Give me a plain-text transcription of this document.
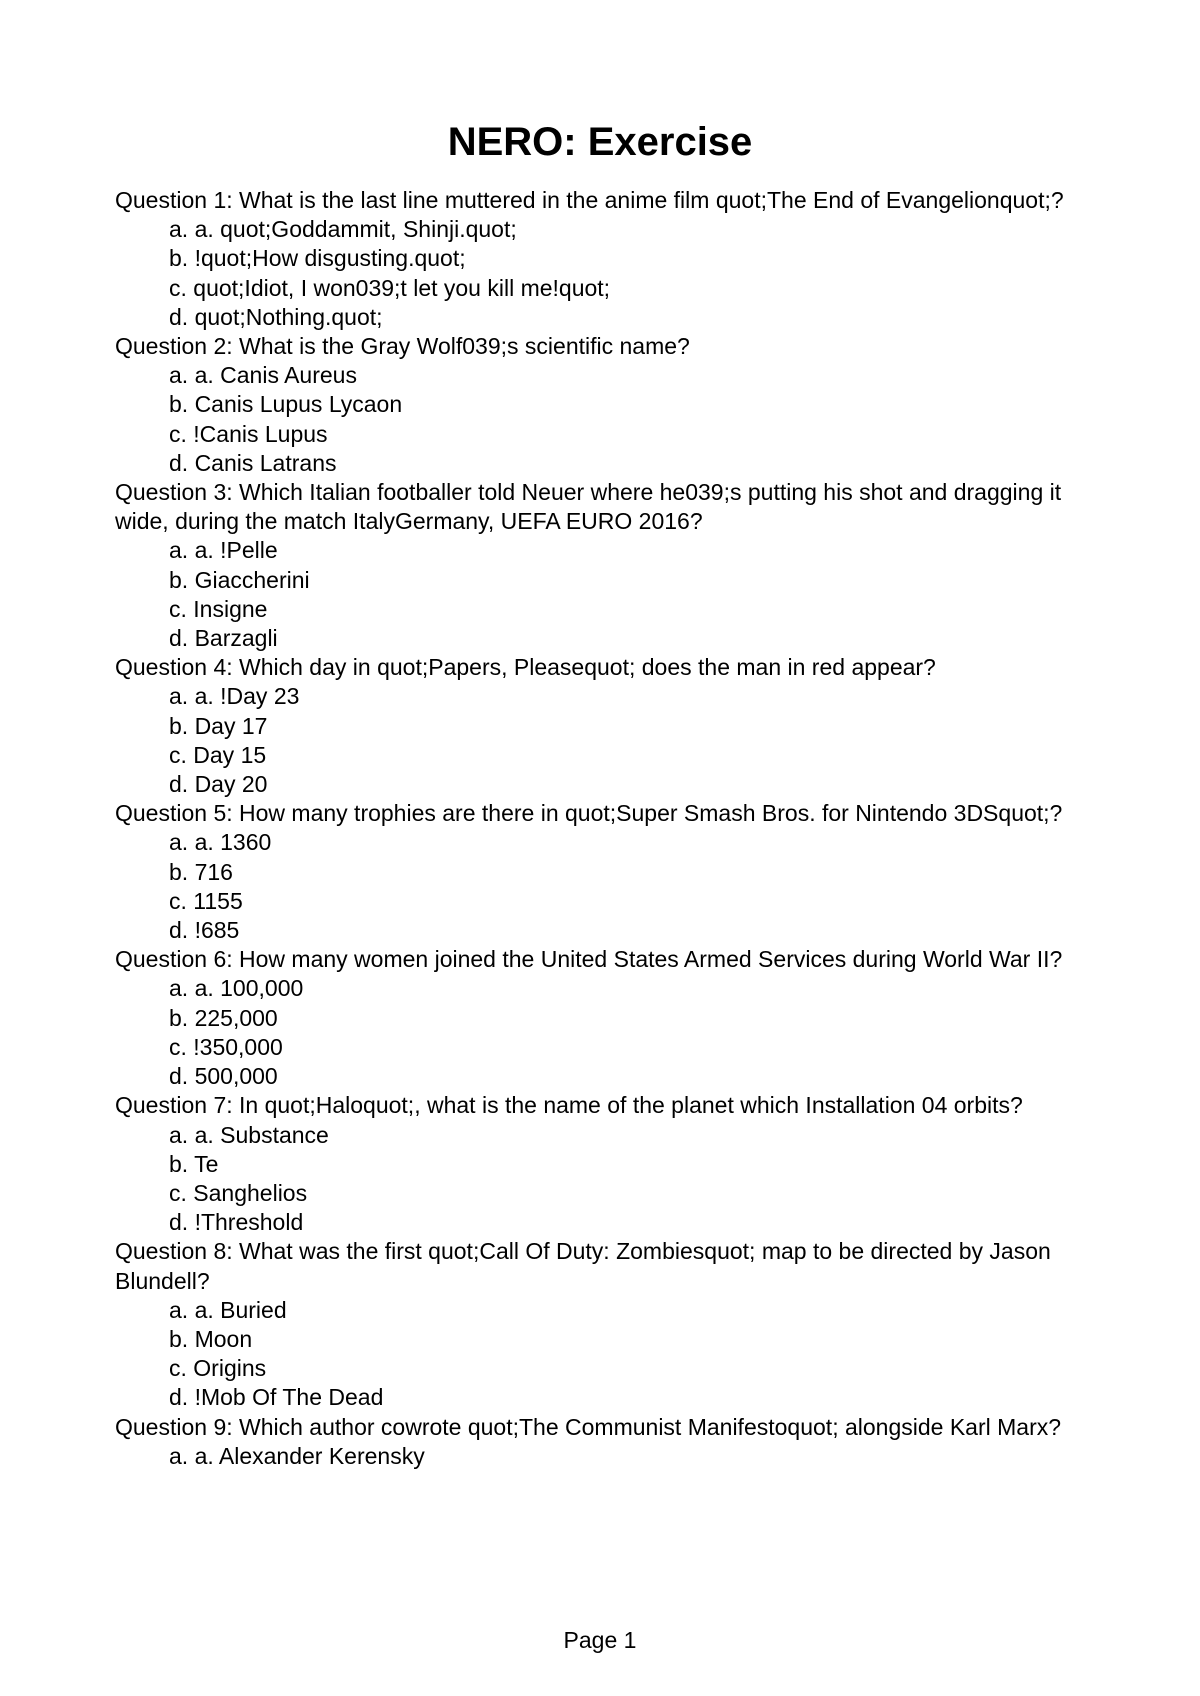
NERO: Exercise

Question 1: What is the last line muttered in the anime film quot;The End of Evangelionquot;?

a. a. quot;Goddammit, Shinji.quot;

b. !quot;How disgusting.quot;

c. quot;Idiot, I won039;t let you kill me!quot;

d. quot;Nothing.quot;

Question 2: What is the Gray Wolf039;s scientific name?

a. a. Canis Aureus

b. Canis Lupus Lycaon

c. !Canis Lupus

d. Canis Latrans

Question 3: Which Italian footballer told Neuer where he039;s putting his shot and dragging it wide, during the match ItalyGermany, UEFA EURO 2016?

a. a. !Pelle

b. Giaccherini

c. Insigne

d. Barzagli

Question 4: Which day in quot;Papers, Pleasequot; does the man in red appear?

a. a. !Day 23

b. Day 17

c. Day 15

d. Day 20

Question 5: How many trophies are there in quot;Super Smash Bros. for Nintendo 3DSquot;?

a. a. 1360

b. 716

c. 1155

d. !685

Question 6: How many women joined the United States Armed Services during World War II?

a. a. 100,000

b. 225,000

c. !350,000

d. 500,000

Question 7: In quot;Haloquot;, what is the name of the planet which Installation 04 orbits?

a. a. Substance

b. Te

c. Sanghelios

d. !Threshold

Question 8: What was the first quot;Call Of Duty: Zombiesquot; map to be directed by Jason Blundell?

a. a. Buried

b. Moon

c. Origins

d. !Mob Of The Dead

Question 9: Which author cowrote quot;The Communist Manifestoquot; alongside Karl Marx?

a. a. Alexander Kerensky

Page 1
